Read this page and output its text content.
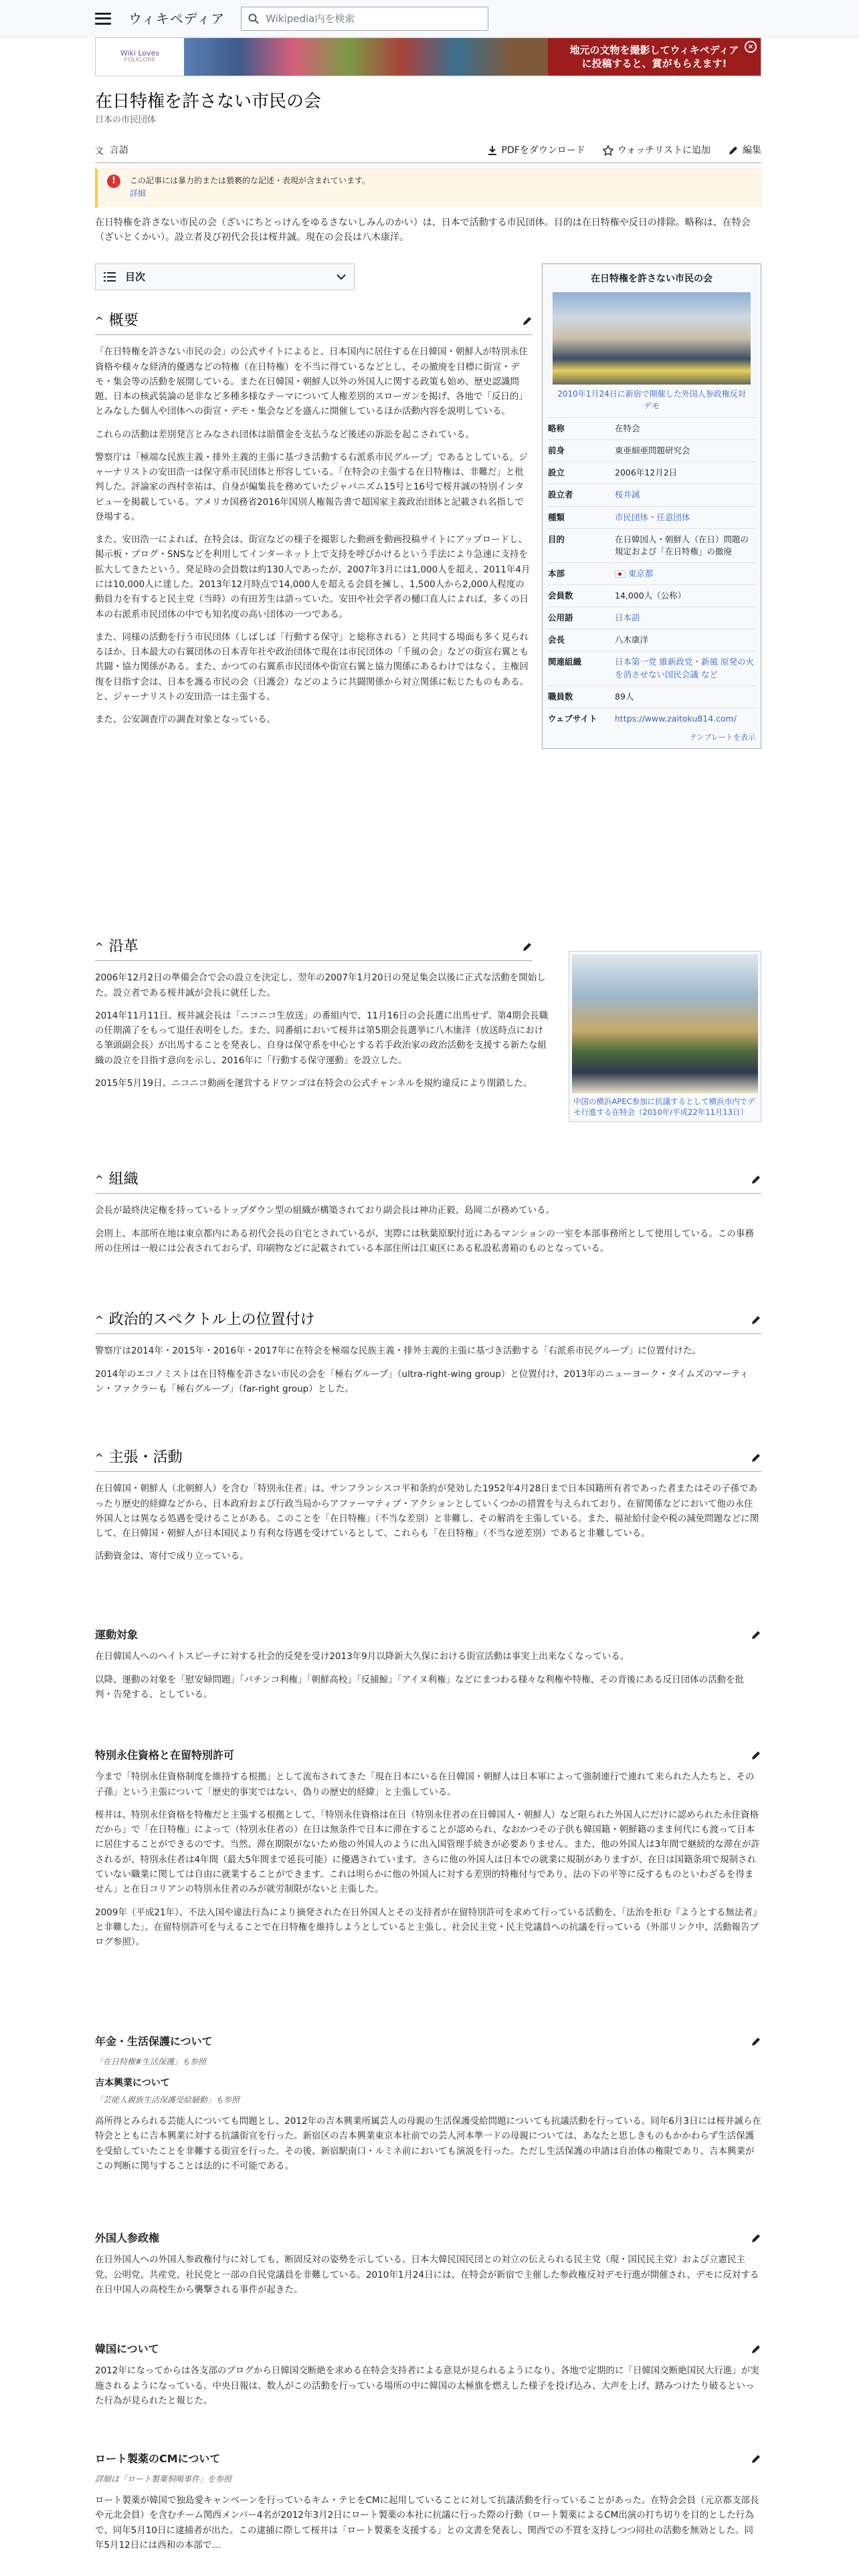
ウィキペディア	Wikipedia内を検索
Wiki Loves
FOLKLORE
地元の文物を撮影してウィキペディアに投稿すると、賞がもらえます!
×
在日特権を許さない市民の会
日本の市民団体
文 言語	PDFをダウンロード	ウォッチリストに追加	編集
!	この記事には暴力的または猥褻的な記述・表現が含まれています。
詳細
在日特権を許さない市民の会（ざいにちとっけんをゆるさないしみんのかい）は、日本で活動する市民団体。目的は在日特権や反日の排除。略称は、在特会（ざいとくかい）。設立者及び初代会長は桜井誠。現在の会長は八木康洋。
目次	在日特権を許さない市民の会
2010年1月24日に新宿で開催した外国人参政権反対デモ
略称	在特会
前身	東亜細亜問題研究会
設立	2006年12月2日
設立者	桜井誠
種類	市民団体・任意団体
目的	在日韓国人・朝鮮人（在日）問題の規定および「在日特権」の撤廃
本部	東京都
会員数	14,000人（公称）
公用語	日本語
会長	八木康洋
関連組織	日本第一党 維新政党・新風 原発の火を消させない国民会議 など
職員数	89人
ウェブサイト	https://www.zaitoku814.com/
テンプレートを表示
^ 概要

「在日特権を許さない市民の会」の公式サイトによると、日本国内に居住する在日韓国・朝鮮人が特別永住資格や様々な経済的優遇などの特権（在日特権）を不当に得ているなどとし、その撤廃を目標に街宣・デモ・集会等の活動を展開している。また在日韓国・朝鮮人以外の外国人に関する政策も始め、歴史認識問題、日本の核武装論の是非など多種多様なテーマについて人権差別的スローガンを掲げ、各地で「反日的」とみなした個人や団体への街宣・デモ・集会などを盛んに開催しているほか活動内容を説明している。

これらの活動は差別発言とみなされ団体は賠償金を支払うなど後述の訴訟を起こされている。

警察庁は「極端な民族主義・排外主義的主張に基づき活動する右派系市民グループ」であるとしている。ジャーナリストの安田浩一は保守系市民団体と形容している。「在特会の主張する在日特権は、非難だ」と批判した。評論家の西村幸祐は、自身が編集長を務めていたジャパニズム15号と16号で桜井誠の特別インタビューを掲載している。アメリカ国務省2016年国別人権報告書で超国家主義政治団体と記載され名指しで登場する。

また、安田浩一によれば、在特会は、街宣などの様子を撮影した動画を動画投稿サイトにアップロードし、掲示板・ブログ・SNSなどを利用してインターネット上で支持を呼びかけるという手法により急速に支持を拡大してきたという。発足時の会員数は約130人であったが、2007年3月には1,000人を超え、2011年4月には10,000人に達した。2013年12月時点で14,000人を超える会員を擁し、1,500人から2,000人程度の動員力を有すると民主党（当時）の有田芳生は語っていた。安田や社会学者の樋口直人によれば、多くの日本の右派系市民団体の中でも知名度の高い団体の一つである。

また、同様の活動を行う市民団体（しばしば「行動する保守」と総称される）と共同する場面も多く見られるほか、日本最大の右翼団体の日本青年社や政治団体で現在は市民団体の「千風の会」などの街宣右翼とも共闘・協力関係がある。また、かつての右翼系市民団体や街宣右翼と協力関係にあるわけではなく、主権回復を目指す会は、日本を護る市民の会（日護会）などのように共闘関係から対立関係に転じたものもある。と、ジャーナリストの安田浩一は主張する。

また、公安調査庁の調査対象となっている。

^ 沿革

2006年12月2日の準備会合で会の設立を決定し、翌年の2007年1月20日の発足集会以後に正式な活動を開始した。設立者である桜井誠が会長に就任した。

2014年11月11日、桜井誠会長は「ニコニコ生放送」の番組内で、11月16日の会長選に出馬せず、第4期会長職の任期満了をもって退任表明をした。また、同番組において桜井は第5期会長選挙に八木康洋（放送時点における筆頭副会長）が出馬することを発表し、自身は保守系を中心とする若手政治家の政治活動を支援する新たな組織の設立を目指す意向を示し、2016年に「行動する保守運動」を設立した。

2015年5月19日、ニコニコ動画を運営するドワンゴは在特会の公式チャンネルを規約違反により閉鎖した。

中国の横浜APEC参加に抗議するとして横浜市内でデモ行進する在特会（2010年/平成22年11月13日）
^ 組織

会長が最終決定権を持っているトップダウン型の組織が構築されており副会長は神功正毅、島岡二が務めている。

会則上、本部所在地は東京都内にある初代会長の自宅とされているが、実際には秋葉原駅付近にあるマンションの一室を本部事務所として使用している。この事務所の住所は一般には公表されておらず、印刷物などに記載されている本部住所は江東区にある私設私書箱のものとなっている。

^ 政治的スペクトル上の位置付け

警察庁は2014年・2015年・2016年・2017年に在特会を極端な民族主義・排外主義的主張に基づき活動する「右派系市民グループ」に位置付けた。

2014年のエコノミストは在日特権を許さない市民の会を「極右グループ」（ultra-right-wing group）と位置付け、2013年のニューヨーク・タイムズのマーティン・ファクラーも「極右グループ」（far-right group）とした。

^ 主張・活動

在日韓国・朝鮮人（北朝鮮人）を含む「特別永住者」は、サンフランシスコ平和条約が発効した1952年4月28日まで日本国籍所有者であった者またはその子孫であったり歴史的経緯などから、日本政府および行政当局からアファーマティブ・アクションとしていくつかの措置を与えられており、在留関係などにおいて他の永住外国人とは異なる処遇を受けることがある。このことを「在日特権」（不当な差別）と非難し、その解消を主張している。また、福祉給付金や税の減免問題などに関して、在日韓国・朝鮮人が日本国民より有利な待遇を受けているとして、これらも「在日特権」（不当な逆差別）であると非難している。

活動資金は、寄付で成り立っている。

運動対象

在日韓国人へのヘイトスピーチに対する社会的反発を受け2013年9月以降新大久保における街宣活動は事実上出来なくなっている。

以降、運動の対象を「慰安婦問題」「パチンコ利権」「朝鮮高校」「反捕鯨」「アイヌ利権」などにまつわる様々な利権や特権、その背後にある反日団体の活動を批判・告発する、としている。

特別永住資格と在留特別許可

今まで「特別永住資格制度を維持する根拠」として流布されてきた「現在日本にいる在日韓国・朝鮮人は日本軍によって強制連行で連れて来られた人たちと、その子孫」という主張について「歴史的事実ではない、偽りの歴史的経緯」と主張している。

桜井は、特別永住資格を特権だと主張する根拠として、「特別永住資格は在日（特別永住者の在日韓国人・朝鮮人）など限られた外国人にだけに認められた永住資格だから」で「在日特権」によって（特別永住者の）在日は無条件で日本に滞在することが認められ、なおかつその子供も韓国籍・朝鮮籍のまま何代にも渡って日本に居住することができるのです。当然、滞在期限がないため他の外国人のように出入国管理手続きが必要ありません。また、他の外国人は3年間で継続的な滞在が許されるが、特別永住者は4年間（最大5年間まで延長可能）に優遇されています。さらに他の外国人は日本での就業に規制がありますが、在日は国籍条項で規制されていない職業に関しては自由に就業することができます。これは明らかに他の外国人に対する差別的特権付与であり、法の下の平等に反するものといわざるを得ません」と在日コリアンの特別永住者のみが就労制限がないと主張した。

2009年（平成21年）、不法入国や違法行為により摘発された在日外国人とその支持者が在留特別許可を求めて行っている活動を、「法治を拒む『ようとする無法者』と非難した」。在留特別許可を与えることで在日特権を維持しようとしていると主張し、社会民主党・民主党議員への抗議を行っている（外部リンク中、活動報告ブログ参照）。

年金・生活保護について
「在日特権#生活保護」も参照
吉本興業について
「芸能人親族生活保護受給騒動」も参照

高所得とみられる芸能人についても問題とし、2012年の吉本興業所属芸人の母親の生活保護受給問題についても抗議活動を行っている。同年6月3日には桜井誠ら在特会とともに吉本興業に対する抗議街宣を行った。新宿区の吉本興業東京本社前での芸人河本準一ドの母親については、あなたと思しきものもかかわらず生活保護を受給していたことを非難する街宣を行った。その後、新宿駅南口・ルミネ前においても演説を行った。ただし生活保護の申請は自治体の権限であり、吉本興業がこの判断に関与することは法的に不可能である。

外国人参政権

在日外国人への外国人参政権付与に対しても、断固反対の姿勢を示している。日本大韓民国民団との対立の伝えられる民主党（現・国民民主党）および立憲民主党、公明党、共産党、社民党と一部の自民党議員を非難している。2010年1月24日には、在特会が新宿で主催した参政権反対デモ行進が開催され、デモに反対する在日中国人の高校生から襲撃される事件が起きた。

韓国について

2012年になってからは各支部のブログから日韓国交断絶を求める在特会支持者による意見が見られるようになり、各地で定期的に「日韓国交断絶国民大行進」が実施されるようになっている。中央日報は、数人がこの活動を行っている場所の中に韓国の太極旗を燃えした様子を投げ込み、大声を上げ、踏みつけたり破るといった行為が見られたと報じた。

ロート製薬のCMについて
詳細は「ロート製薬恫喝事件」を参照

ロート製薬が韓国で独島愛キャンペーンを行っているキム・テヒをCMに起用していることに対して抗議活動を行っていることがあった。在特会会員（元京都支部長や元北会員）を含むチーム関西メンバー4名が2012年3月2日にロート製薬の本社に抗議に行った際の行動（ロート製薬によるCM出演の打ち切りを目的とした行為で、同年5月10日に逮捕者が出た。この逮捕に際して桜井は「ロート製薬を支援する」との文書を発表し、関西での不買を支持しつつ同社の活動を無効とした。同年5月12日には西和の本部で…
